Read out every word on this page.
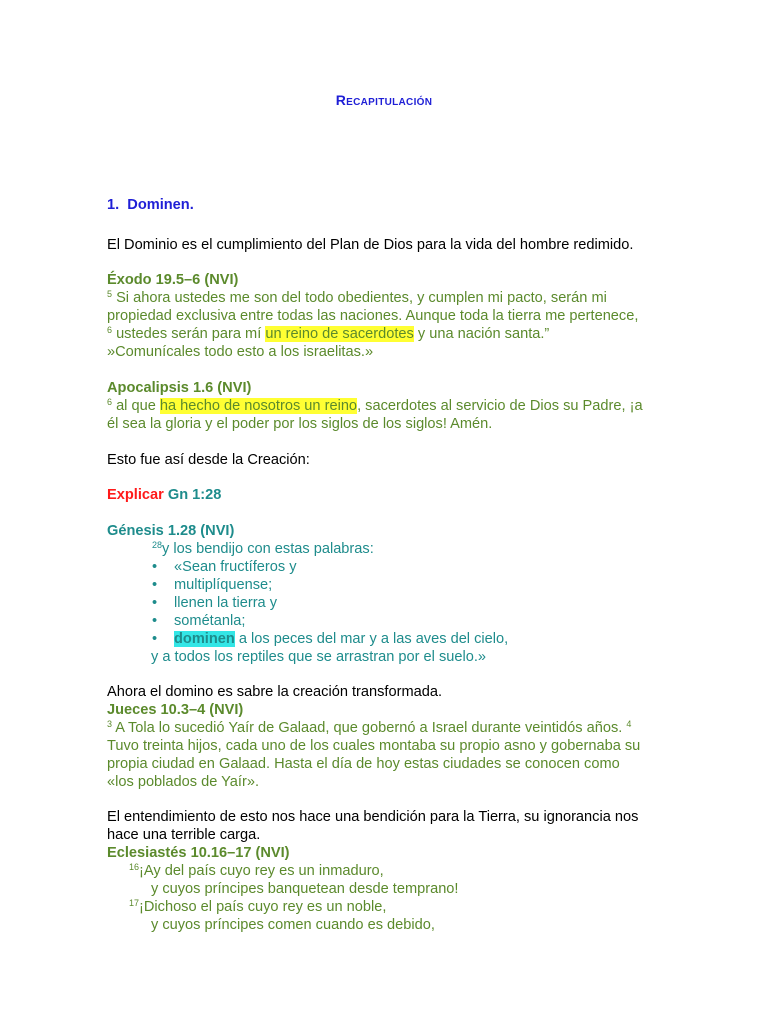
Recapitulación
1. Dominen.
El Dominio es el cumplimiento del Plan de Dios para la vida del hombre redimido.
Éxodo 19.5–6 (NVI)
$^5$ Si ahora ustedes me son del todo obedientes, y cumplen mi pacto, serán mi
propiedad exclusiva entre todas las naciones. Aunque toda la tierra me pertenece,
$^6$ ustedes serán para mí un reino de sacerdotes y una nación santa.”
»Comunícales todo esto a los israelitas.»
Apocalipsis 1.6 (NVI)
$^6$ al que ha hecho de nosotros un reino, sacerdotes al servicio de Dios su Padre, ¡a
él sea la gloria y el poder por los siglos de los siglos! Amén.
Esto fue así desde la Creación:
Explicar Gn 1:28
Génesis 1.28 (NVI)
$^{28}$y los bendijo con estas palabras:
• «Sean fructíferos y
• multiplíquense;
• llenen la tierra y
• sométanla;
• dominen a los peces del mar y a las aves del cielo,
y a todos los reptiles que se arrastran por el suelo.»
Ahora el domino es sabre la creación transformada.
Jueces 10.3–4 (NVI)
$^3$ A Tola lo sucedió Yaír de Galaad, que gobernó a Israel durante veintidós años. $^4$
Tuvo treinta hijos, cada uno de los cuales montaba su propio asno y gobernaba su
propia ciudad en Galaad. Hasta el día de hoy estas ciudades se conocen como
«los poblados de Yaír».
El entendimiento de esto nos hace una bendición para la Tierra, su ignorancia nos
hace una terrible carga.
Eclesiastés 10.16–17 (NVI)
$^{16}$¡Ay del país cuyo rey es un inmaduro,
y cuyos príncipes banquetean desde temprano!
$^{17}$¡Dichoso el país cuyo rey es un noble,
y cuyos príncipes comen cuando es debido,
